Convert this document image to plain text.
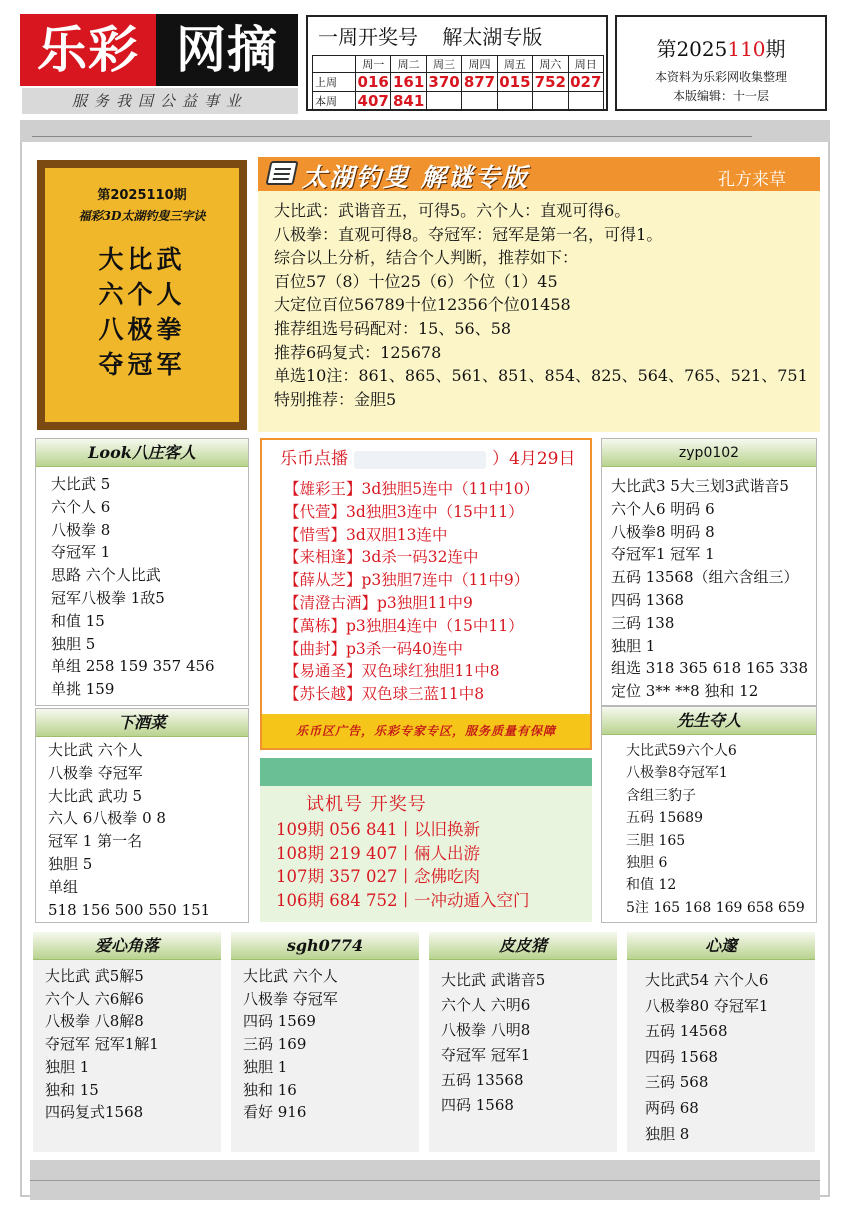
乐彩 网摘
服务我国公益事业
一周开奖号 解太湖专版
	周一	周二	周三	周四	周五	周六	周日
上周	016	161	370	877	015	752	027
本周	407	841					
第2025110期
本资料为乐彩网收集整理
本版编辑：十一层
第2025110期
福彩3D太湖钓叟三字诀
大比武
六个人
八极拳
夺冠军
太湖钓叟 解谜专版	孔方来草
大比武：武谐音五，可得5。六个人：直观可得6。
八极拳：直观可得8。夺冠军：冠军是第一名，可得1。
综合以上分析，结合个人判断，推荐如下：
百位57（8）十位25（6）个位（1）45
大定位百位56789十位12356个位01458
推荐组选号码配对：15、56、58
推荐6码复式：125678
单选10注：861、865、561、851、854、825、564、765、521、751
特别推荐：金胆5
Look八庄客人
大比武 5
六个人 6
八极拳 8
夺冠军 1
思路 六个人比武
冠军八极拳 1敌5
和值 15
独胆 5
单组 258 159 357 456
单挑 159
下酒菜
大比武 六个人
八极拳 夺冠军
大比武 武功 5
六人 6八极拳 0 8
冠军 1 第一名
独胆 5
单组
518 156 500 550 151
乐币点播	）4月29日
【雄彩王】3d独胆5连中（11中10）
【代萱】3d独胆3连中（15中11）
【惜雪】3d双胆13连中
【来相逢】3d杀一码32连中
【薛从芝】p3独胆7连中（11中9）
【清澄古酒】p3独胆11中9
【萬栋】p3独胆4连中（15中11）
【曲封】p3杀一码40连中
【易通圣】双色球红独胆11中8
【苏长越】双色球三蓝11中8
乐币区广告，乐彩专家专区，服务质量有保障
试机号 开奖号
109期 056 841丨以旧换新
108期 219 407丨倆人出游
107期 357 027丨念佛吃肉
106期 684 752丨一冲动遁入空门
zyp0102
大比武3 5大三划3武谐音5
六个人6 明码 6
八极拳8 明码 8
夺冠军1 冠军 1
五码 13568（组六含组三）
四码 1368
三码 138
独胆 1
组选 318 365 618 165 338
定位 3** **8 独和 12
先生夺人
大比武59六个人6
八极拳8夺冠军1
含组三豹子
五码 15689
三胆 165
独胆 6
和值 12
5注 165 168 169 658 659
爱心角落
大比武 武5解5
六个人 六6解6
八极拳 八8解8
夺冠军 冠军1解1
独胆 1
独和 15
四码复式1568
sgh0774
大比武 六个人
八极拳 夺冠军
四码 1569
三码 169
独胆 1
独和 16
看好 916
皮皮猪
大比武 武谐音5
六个人 六明6
八极拳 八明8
夺冠军 冠军1
五码 13568
四码 1568
心邃
大比武54 六个人6
八极拳80 夺冠军1
五码 14568
四码 1568
三码 568
两码 68
独胆 8
